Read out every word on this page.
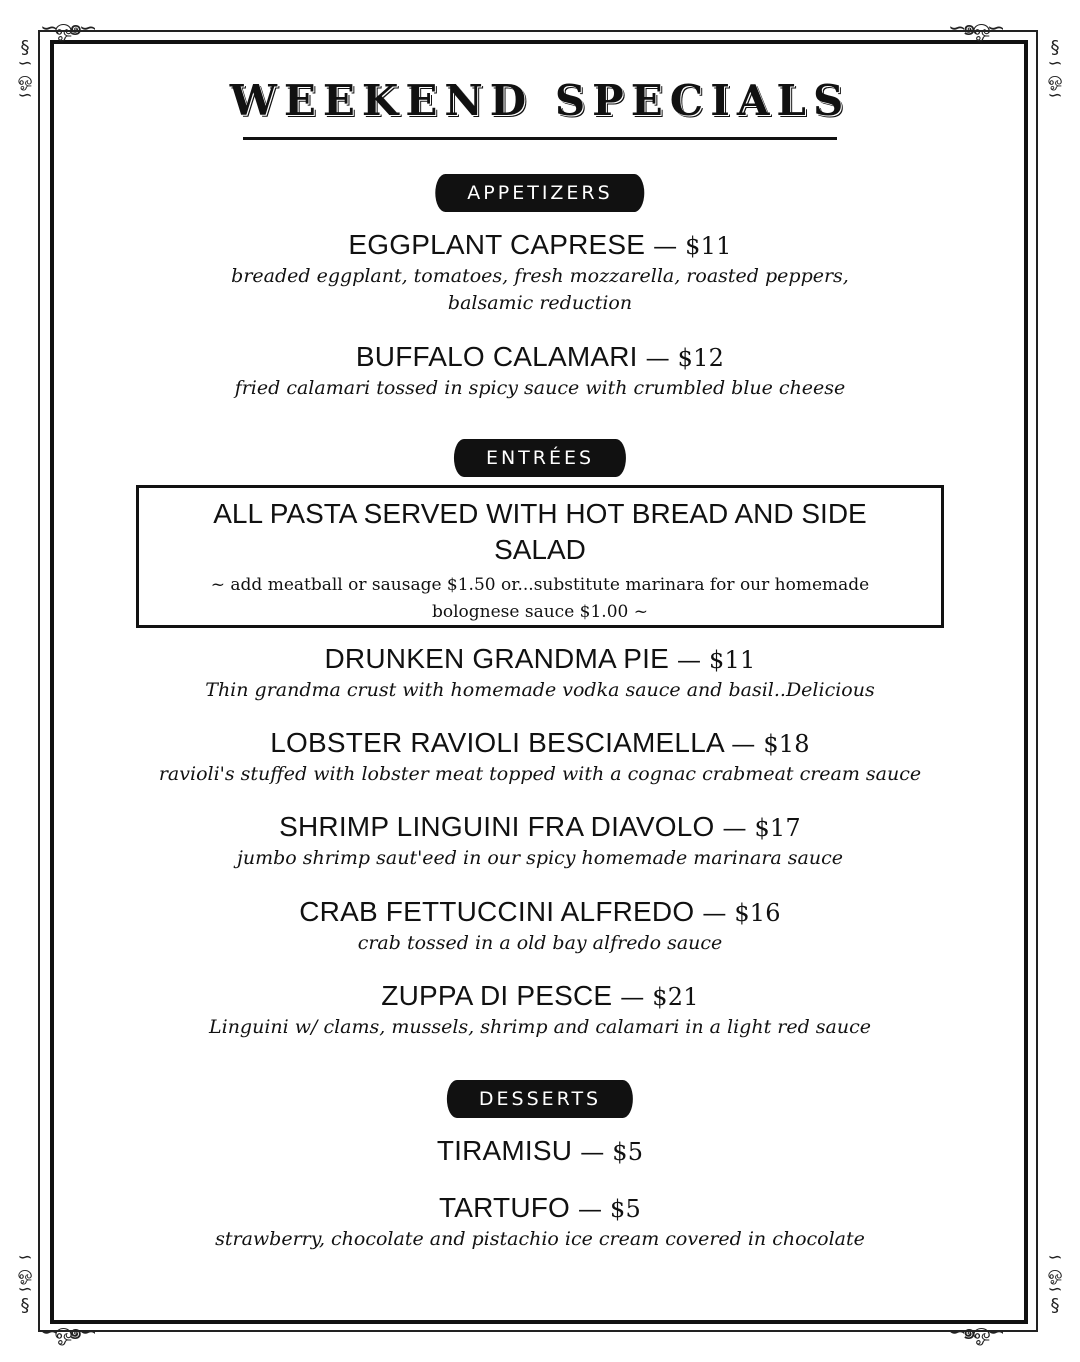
∽ஓ๑∽	∽๑ஓ∽
∽ஓ๑∽	∽๑ஓ∽
§
∽
ஓ
∽
§
∽
ஓ
∽
∽
ஓ
∽
§
∽
ஓ
∽
§
WEEKEND SPECIALS
APPETIZERS
EGGPLANT CAPRESE — $11
breaded eggplant, tomatoes, fresh mozzarella, roasted peppers, balsamic reduction
BUFFALO CALAMARI — $12
fried calamari tossed in spicy sauce with crumbled blue cheese
ENTRÉES
ALL PASTA SERVED WITH HOT BREAD AND SIDE SALAD
~ add meatball or sausage $1.50 or...substitute marinara for our homemade bolognese sauce $1.00 ~
DRUNKEN GRANDMA PIE — $11
Thin grandma crust with homemade vodka sauce and basil..Delicious
LOBSTER RAVIOLI BESCIAMELLA — $18
ravioli's stuffed with lobster meat topped with a cognac crabmeat cream sauce
SHRIMP LINGUINI FRA DIAVOLO — $17
jumbo shrimp saut'eed in our spicy homemade marinara sauce
CRAB FETTUCCINI ALFREDO — $16
crab tossed in a old bay alfredo sauce
ZUPPA DI PESCE — $21
Linguini w/ clams, mussels, shrimp and calamari in a light red sauce
DESSERTS
TIRAMISU — $5
TARTUFO — $5
strawberry, chocolate and pistachio ice cream covered in chocolate
